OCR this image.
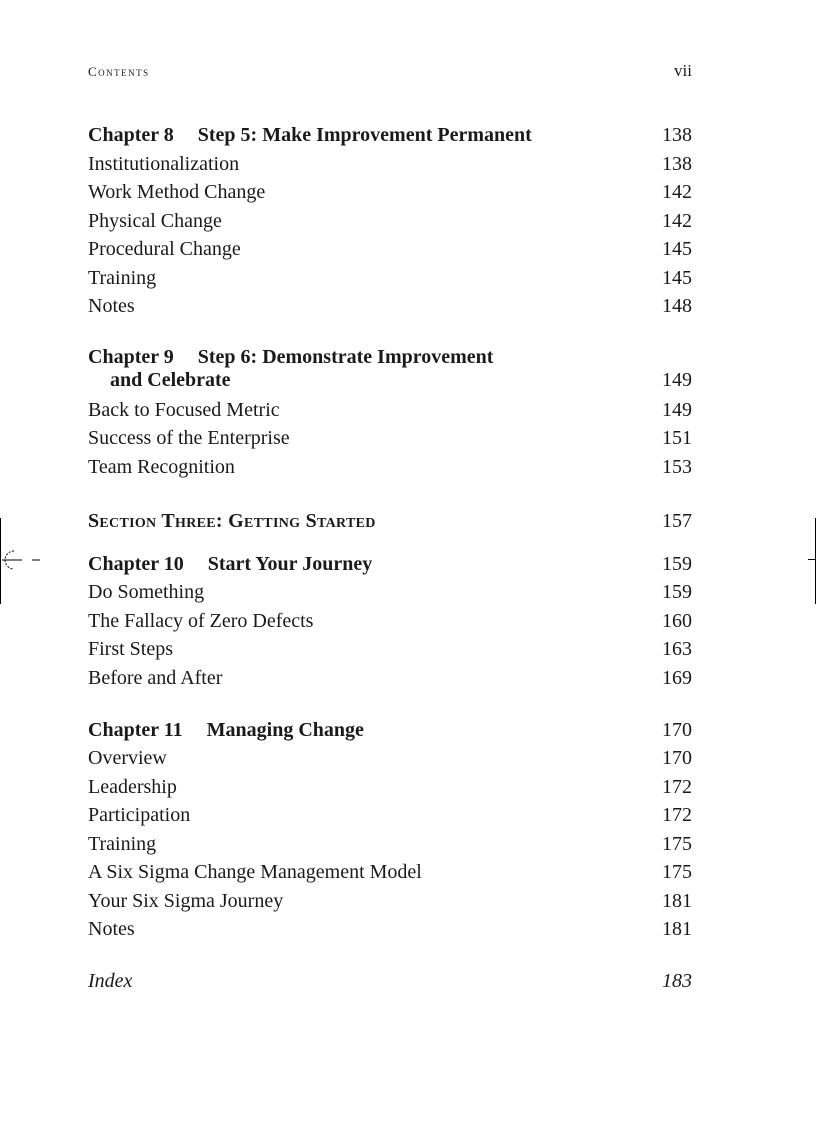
Contents	vii
Chapter 8 Step 5: Make Improvement Permanent	138
Institutionalization	138
Work Method Change	142
Physical Change	142
Procedural Change	145
Training	145
Notes	148
Chapter 9 Step 6: Demonstrate Improvement
and Celebrate	149
Back to Focused Metric	149
Success of the Enterprise	151
Team Recognition	153
Section Three: Getting Started	157
Chapter 10 Start Your Journey	159
Do Something	159
The Fallacy of Zero Defects	160
First Steps	163
Before and After	169
Chapter 11 Managing Change	170
Overview	170
Leadership	172
Participation	172
Training	175
A Six Sigma Change Management Model	175
Your Six Sigma Journey	181
Notes	181
Index	183
